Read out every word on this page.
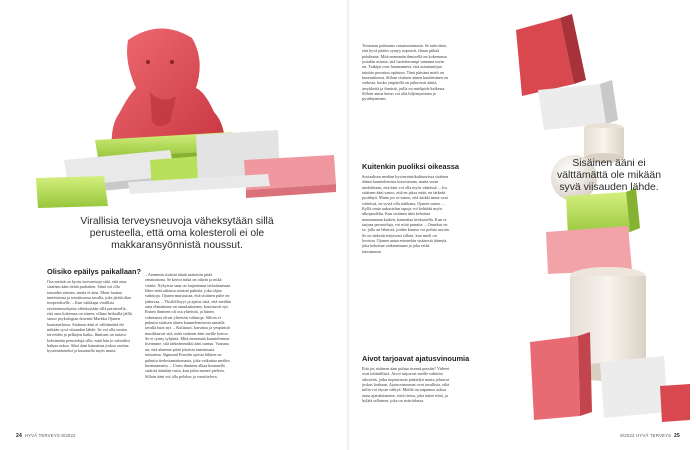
Virallisia terveysneuvoja väheksytään sillä perusteella, että oma kolesteroli ei ole makkaransyönnistä noussut.

Olisiko epäilys paikallaan?

Osa meistä on hyvin itsevarmoja siitä, että oma sisäinen ääni tietää parhaiten. Siinä voi olla totuuden siemen, mutta ei aina. Moni luottaa tunteisiinsa ja intuitioonsa tavalla, joka jättää tilaa itsepetokselle. – Kun vaikkapa virallisia ravitsemusohjeita väheksytään sillä perusteella, että oma kokemus on toinen, ollaan heikoilla jäillä, sanoo psykologian dosentti Markku Ojanen haastattelussa. Sisäinen ääni ei välttämättä ole mikään syvä viisauden lähde. Se voi olla omien toiveiden ja pelkojen kaiku. Ihminen on taitava keksimään perusteluja sille, mitä hän jo valmiiksi haluaa uskoa. Siksi ääni kannattaa joskus asettaa kyseenalaiseksi ja kuunnella myös muita.

– Aiemmin sisäistä ääntä saatettiin pitää omatuntona. Se kertoi mikä on oikein ja mikä väärin. Nykyisin sana on laajentunut tarkoittamaan lähes mitä tahansa sisäistä puhetta, joka ohjaa valintoja. Ojanen muistuttaa, että sisäinen puhe on jatkuvaa. – Yksilöllisyys ja ajatus siitä, että meidän oma elämämme on ainutlaatuinen, korostuvat nyt. Ennen ihminen oli osa yhteisöä, ja hänen valintansa olivat yhteisön valintoja. Silloin ei puhuttu sisäisen äänen kuuntelemisesta samalla tavalla kuin nyt. – Kulttuuri, kasvatus ja ympäristö muokkaavat sitä, mitä sisäinen ääni meille kertoo. Se ei synny tyhjästä. Mitä enemmän kuuntelemme itseämme, sitä tärkeämmäksi ääni tuntuu. Vaarana on, että alamme pitää jokaista tuntemusta totuutena. Sigmund Freudin ajoista lähtien on puhuttu tiedostamattomasta, joka vaikuttaa meihin huomaamatta. – Usein ihminen alkaa kuunnella sisäistä ääntään vasta, kun jokin menee pieleen. Silloin ääni voi olla pelokas ja varoitteleva.

24 HYVÄ TERVEYS 8/2022

Toisinaan puhutaan vatsatuntumasta. Se tarkoittaa, että hyvä päätös syntyy nopeasti, ilman pitkää pohdintaa. Mitä enemmän ihmisellä on kokemusta jostakin asiasta, sitä luotettavampi tuntuma usein on. Tutkijat ovat huomanneet, että asiantuntijan intuitio perustuu opittuun. Tänä päivänä mieli on kuormittunut. Silloin sisäisen äänen kuuleminen on vaikeaa, koska ympärillä on jatkuvasti ääniä, ärsykkeitä ja ihmisiä, joilla on mielipide kaikesta. Silloin ainoa keino voi olla hiljentyminen ja pysähtyminen.

Kuitenkin puoliksi oikeassa

Sosiaalisen median hyvinvointikulttuurissa sisäisen äänen kuuntelemista korostetaan, mutta usein unohdetaan, että ääni voi olla myös väärässä. – Jos sisäinen ääni sanoo, että en jaksa enää, on tärkeää pysähtyä. Mutta jos se sanoo, että kaikki muut ovat väärässä, on syytä olla tarkkana, Ojanen sanoo. – Kyllä omia tarkastelun tapoja voi kehittää myös ulkopuolelta. Kun sisäinen ääni kehottaa muuttamaan kaiken, kannattaa keskustella. Kun se tarjoaa perusteluja, voi niitä punnita. – Onnekas on se, jolla on läheisiä, joiden kanssa voi pohtia asioita. Se on tärkeää erityisesti silloin, kun mieli on levoton. Ojanen antaa esimerkin sisäisestä äänestä, joka kehottaa vaikenemaan ja joka estää toimimasta.

Aivot tarjoavat ajatusvinoumia

Että jos sisäinen ääni puhuu itsensä pussiin? Virheet ovat inhimillisiä. Aivot tarjoavat meille valmiita oikoteitä, jotka nopeuttavat päättelyä mutta johtavat joskus harhaan. Ajatusvinoumat ovat tavallisia, eikä niiltä voi täysin välttyä. Meillä on taipumus uskoa omia ajatuksiamme, etsiä tietoa, joka tukee niitä, ja hylätä sellainen, joka on ristiriidassa.

Sisäinen ääni ei välttämättä ole mikään syvä viisauden lähde.

8/2022 HYVÄ TERVEYS 25
